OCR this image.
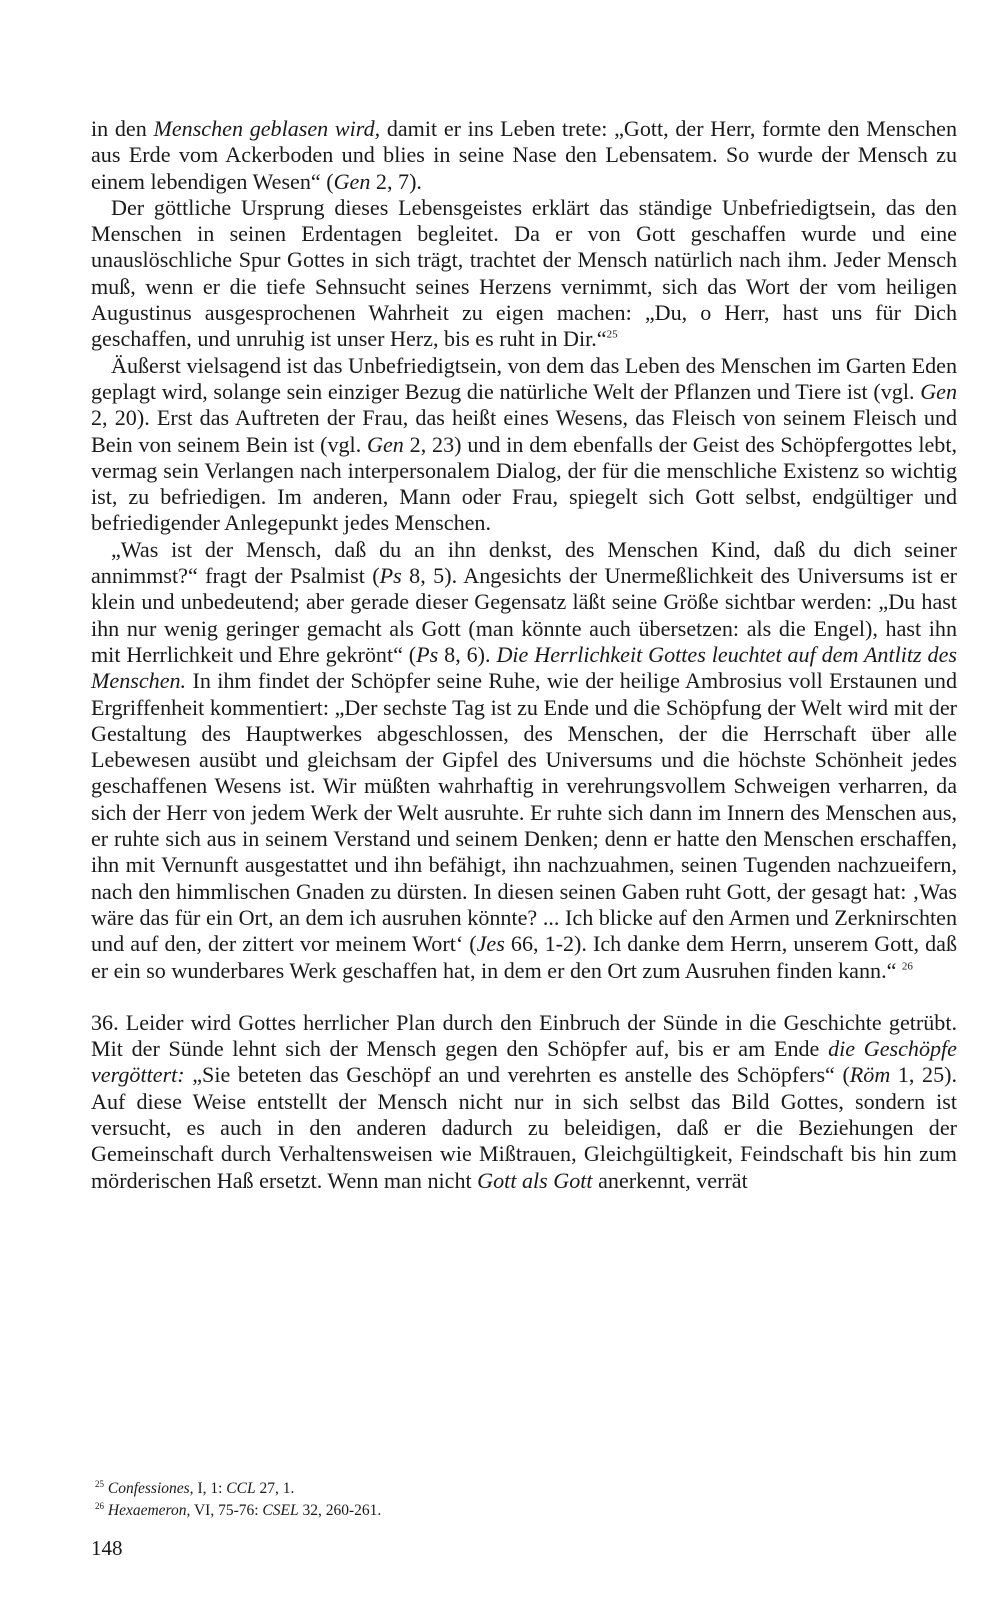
in den Menschen geblasen wird, damit er ins Leben trete: „Gott, der Herr, formte den Menschen aus Erde vom Ackerboden und blies in seine Nase den Lebensatem. So wurde der Mensch zu einem lebendigen Wesen“ (Gen 2, 7).

Der göttliche Ursprung dieses Lebensgeistes erklärt das ständige Unbefriedigtsein, das den Menschen in seinen Erdentagen begleitet. Da er von Gott geschaffen wurde und eine unauslöschliche Spur Gottes in sich trägt, trachtet der Mensch natürlich nach ihm. Jeder Mensch muß, wenn er die tiefe Sehnsucht seines Herzens vernimmt, sich das Wort der vom heiligen Augustinus ausgesprochenen Wahrheit zu eigen machen: „Du, o Herr, hast uns für Dich geschaffen, und unruhig ist unser Herz, bis es ruht in Dir.“$^{25}$

Äußerst vielsagend ist das Unbefriedigtsein, von dem das Leben des Menschen im Garten Eden geplagt wird, solange sein einziger Bezug die natürliche Welt der Pflanzen und Tiere ist (vgl. Gen 2, 20). Erst das Auftreten der Frau, das heißt eines Wesens, das Fleisch von seinem Fleisch und Bein von seinem Bein ist (vgl. Gen 2, 23) und in dem ebenfalls der Geist des Schöpfergottes lebt, vermag sein Verlangen nach interpersonalem Dialog, der für die menschliche Existenz so wichtig ist, zu befriedigen. Im anderen, Mann oder Frau, spiegelt sich Gott selbst, endgültiger und befriedigender Anlegepunkt jedes Menschen.

„Was ist der Mensch, daß du an ihn denkst, des Menschen Kind, daß du dich seiner annimmst?“ fragt der Psalmist (Ps 8, 5). Angesichts der Unermeßlichkeit des Universums ist er klein und unbedeutend; aber gerade dieser Gegensatz läßt seine Größe sichtbar werden: „Du hast ihn nur wenig geringer gemacht als Gott (man könnte auch übersetzen: als die Engel), hast ihn mit Herrlichkeit und Ehre gekrönt“ (Ps 8, 6). Die Herrlichkeit Gottes leuchtet auf dem Antlitz des Menschen. In ihm findet der Schöpfer seine Ruhe, wie der heilige Ambrosius voll Erstaunen und Ergriffenheit kommentiert: „Der sechste Tag ist zu Ende und die Schöpfung der Welt wird mit der Gestaltung des Hauptwerkes abgeschlossen, des Menschen, der die Herrschaft über alle Lebewesen ausübt und gleichsam der Gipfel des Universums und die höchste Schönheit jedes geschaffenen Wesens ist. Wir müßten wahrhaftig in verehrungsvollem Schweigen verharren, da sich der Herr von jedem Werk der Welt ausruhte. Er ruhte sich dann im Innern des Menschen aus, er ruhte sich aus in seinem Verstand und seinem Denken; denn er hatte den Menschen erschaffen, ihn mit Vernunft ausgestattet und ihn befähigt, ihn nachzuahmen, seinen Tugenden nachzueifern, nach den himmlischen Gnaden zu dürsten. In diesen seinen Gaben ruht Gott, der gesagt hat: ‚Was wäre das für ein Ort, an dem ich ausruhen könnte? ... Ich blicke auf den Armen und Zerknirschten und auf den, der zittert vor meinem Wort‘ (Jes 66, 1-2). Ich danke dem Herrn, unserem Gott, daß er ein so wunderbares Werk geschaffen hat, in dem er den Ort zum Ausruhen finden kann.“ $^{26}$

36. Leider wird Gottes herrlicher Plan durch den Einbruch der Sünde in die Geschichte getrübt. Mit der Sünde lehnt sich der Mensch gegen den Schöpfer auf, bis er am Ende die Geschöpfe vergöttert: „Sie beteten das Geschöpf an und verehrten es anstelle des Schöpfers“ (Röm 1, 25). Auf diese Weise entstellt der Mensch nicht nur in sich selbst das Bild Gottes, sondern ist versucht, es auch in den anderen dadurch zu beleidigen, daß er die Beziehungen der Gemeinschaft durch Verhaltensweisen wie Mißtrauen, Gleichgültigkeit, Feindschaft bis hin zum mörderischen Haß ersetzt. Wenn man nicht Gott als Gott anerkennt, verrät

$^{25}$ Confessiones, I, 1: CCL 27, 1.

$^{26}$ Hexaemeron, VI, 75-76: CSEL 32, 260-261.

148
